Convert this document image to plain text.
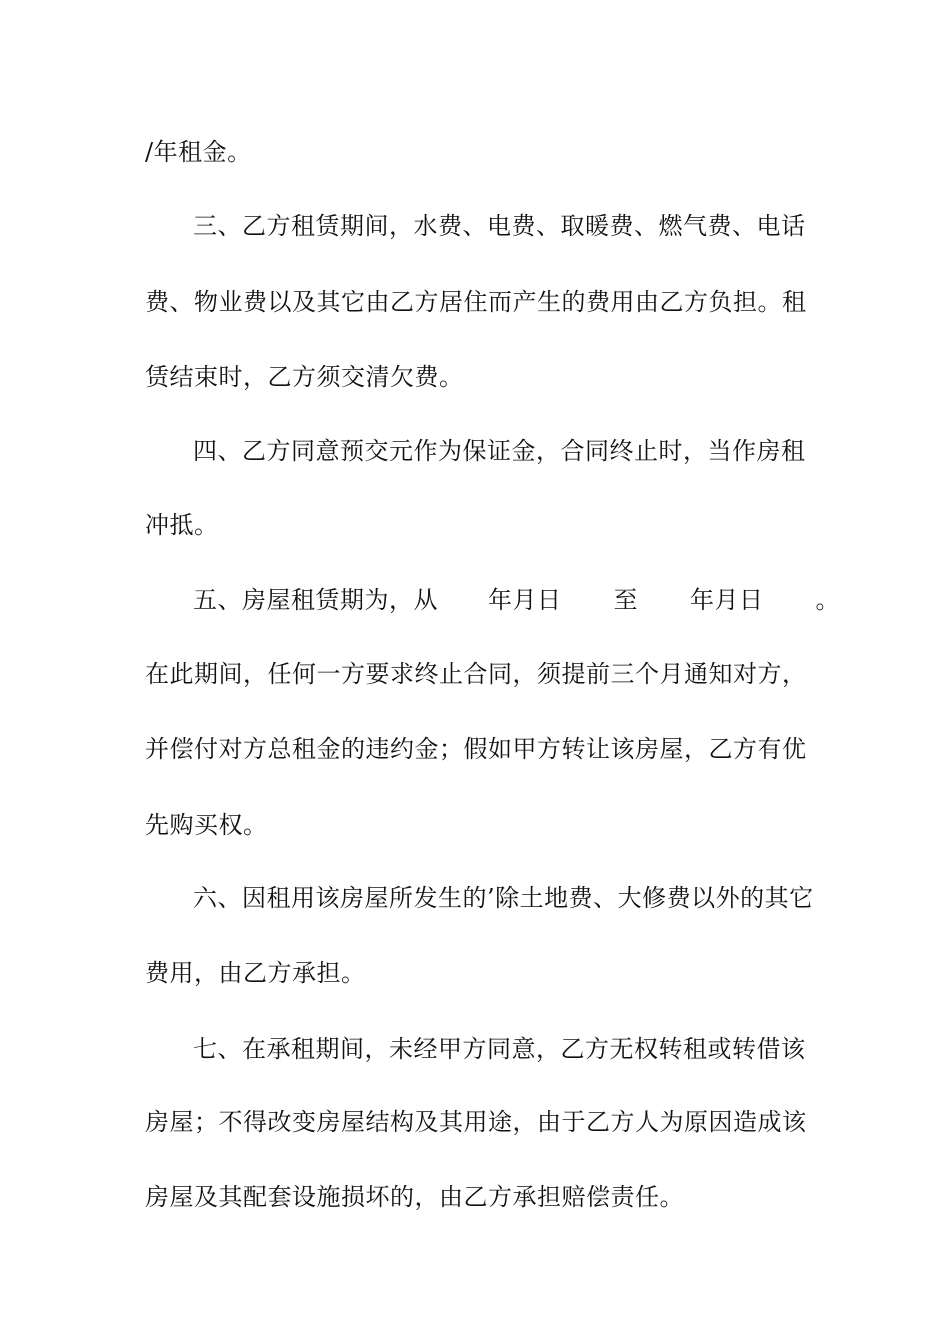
/年租金。
三、乙方租赁期间，水费、电费、取暖费、燃气费、电话
费、物业费以及其它由乙方居住而产生的费用由乙方负担。租
赁结束时，乙方须交清欠费。
四、乙方同意预交元作为保证金，合同终止时，当作房租
冲抵。
五、房屋租赁期为，从 年月日 至 年月日 。
在此期间，任何一方要求终止合同，须提前三个月通知对方，
并偿付对方总租金的违约金；假如甲方转让该房屋，乙方有优
先购买权。
六、因租用该房屋所发生的’除土地费、大修费以外的其它
费用，由乙方承担。
七、在承租期间，未经甲方同意，乙方无权转租或转借该
房屋；不得改变房屋结构及其用途，由于乙方人为原因造成该
房屋及其配套设施损坏的，由乙方承担赔偿责任。
